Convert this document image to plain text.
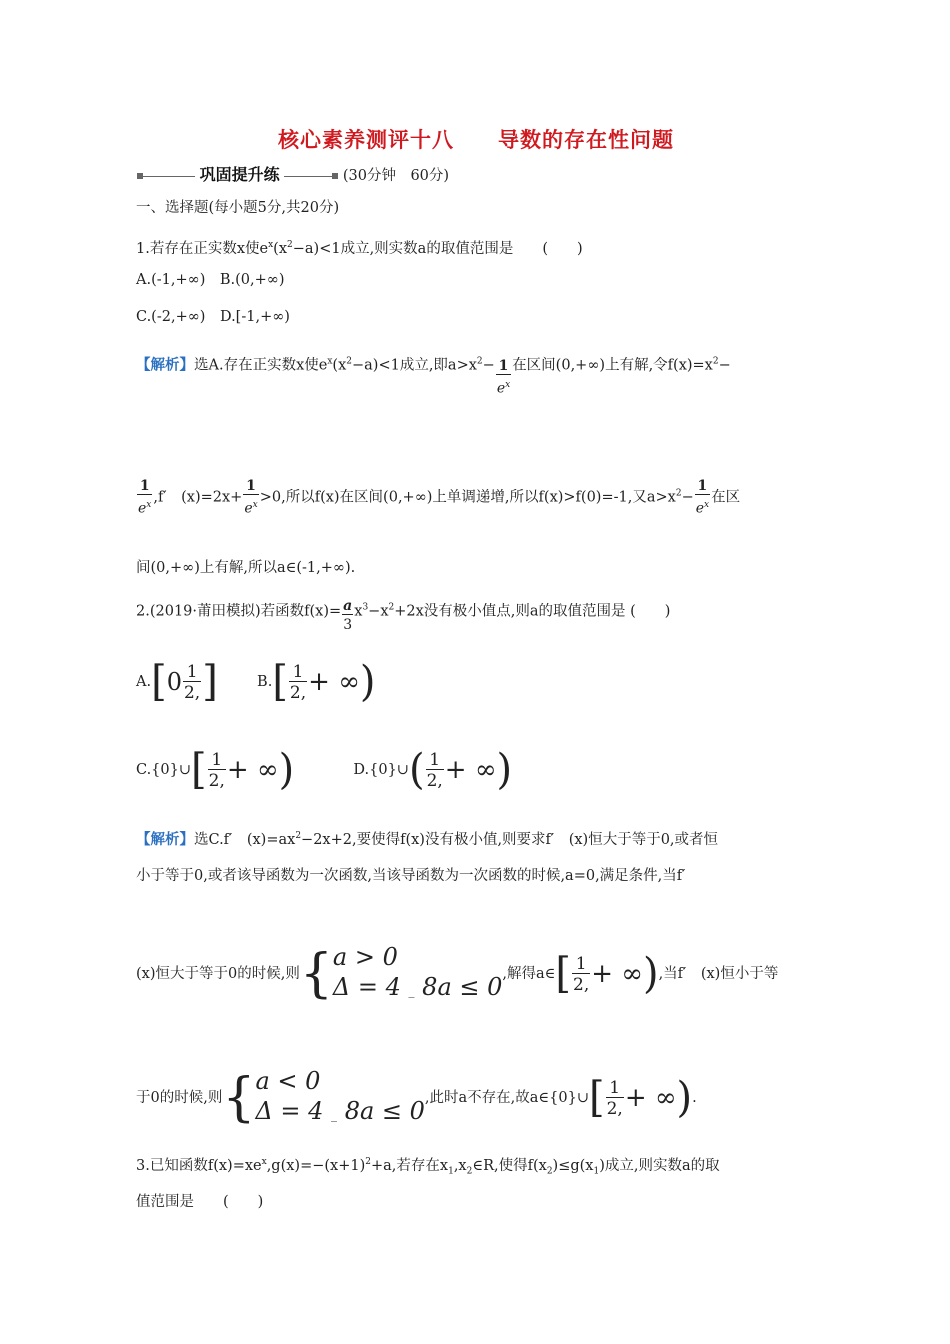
核心素养测评十八　　导数的存在性问题
巩固提升练	(30分钟　60分)
一、选择题(每小题5分,共20分)
1.若存在正实数x使$e^x(x^2-a)<1$成立,则实数a的取值范围是　　(　　)
A.(-1,+∞)　B.(0,+∞)
C.(-2,+∞)　D.[-1,+∞)
【解析】选A.存在正实数x使$e^x(x^2-a)<1$成立,即$a>x^2- \frac{1}{e^x}$ 在区间(0,+∞)上有解,令$f(x)=x^2-$
$\frac{1}{e^x} ,f'$　$(x)=2x+ \frac{1}{e^x} >0$,所以f(x)在区间(0,+∞)上单调递增,所以f(x)>f(0)=-1,又$a>x^2- \frac{1}{e^x}$ 在区
间(0,+∞)上有解,所以a∈(-1,+∞).
2.(2019·莆田模拟)若函数$f(x)= \frac{a}{3} x^3-x^2+2x$没有极小值点,则a的取值范围是 (　　)
$A.[0 \frac{1}{2,}$ ]	$B.[ \frac{1}{2,}$ + ∞)
C.{0}∪[ $\frac{1}{2,}$ + ∞)	D.{0}∪( $\frac{1}{2,}$ + ∞)
【解析】选C.f′　$(x)=ax^2-2x+2$,要使得f(x)没有极小值,则要求f′　(x)恒大于等于0,或者恒
小于等于0,或者该导函数为一次函数,当该导函数为一次函数的时候,a=0,满足条件,当f′
(x)恒大于等于0的时候,则{ a > 0
Δ = 4 _ 8a ≤ 0 ,解得a∈[ $\frac{1}{2,}$ + ∞),当f′　(x)恒小于等
于0的时候,则{ a < 0
Δ = 4 _ 8a ≤ 0 ,此时a不存在,故a∈{0}∪[ $\frac{1}{2,}$ + ∞).
3.已知函数$f(x)=xe^x,g(x)=-(x+1)^2+a$,若存在$x_1,x_2\in R$,使得$f(x_2)\le g(x_1)$成立,则实数a的取
值范围是　　(　　)
